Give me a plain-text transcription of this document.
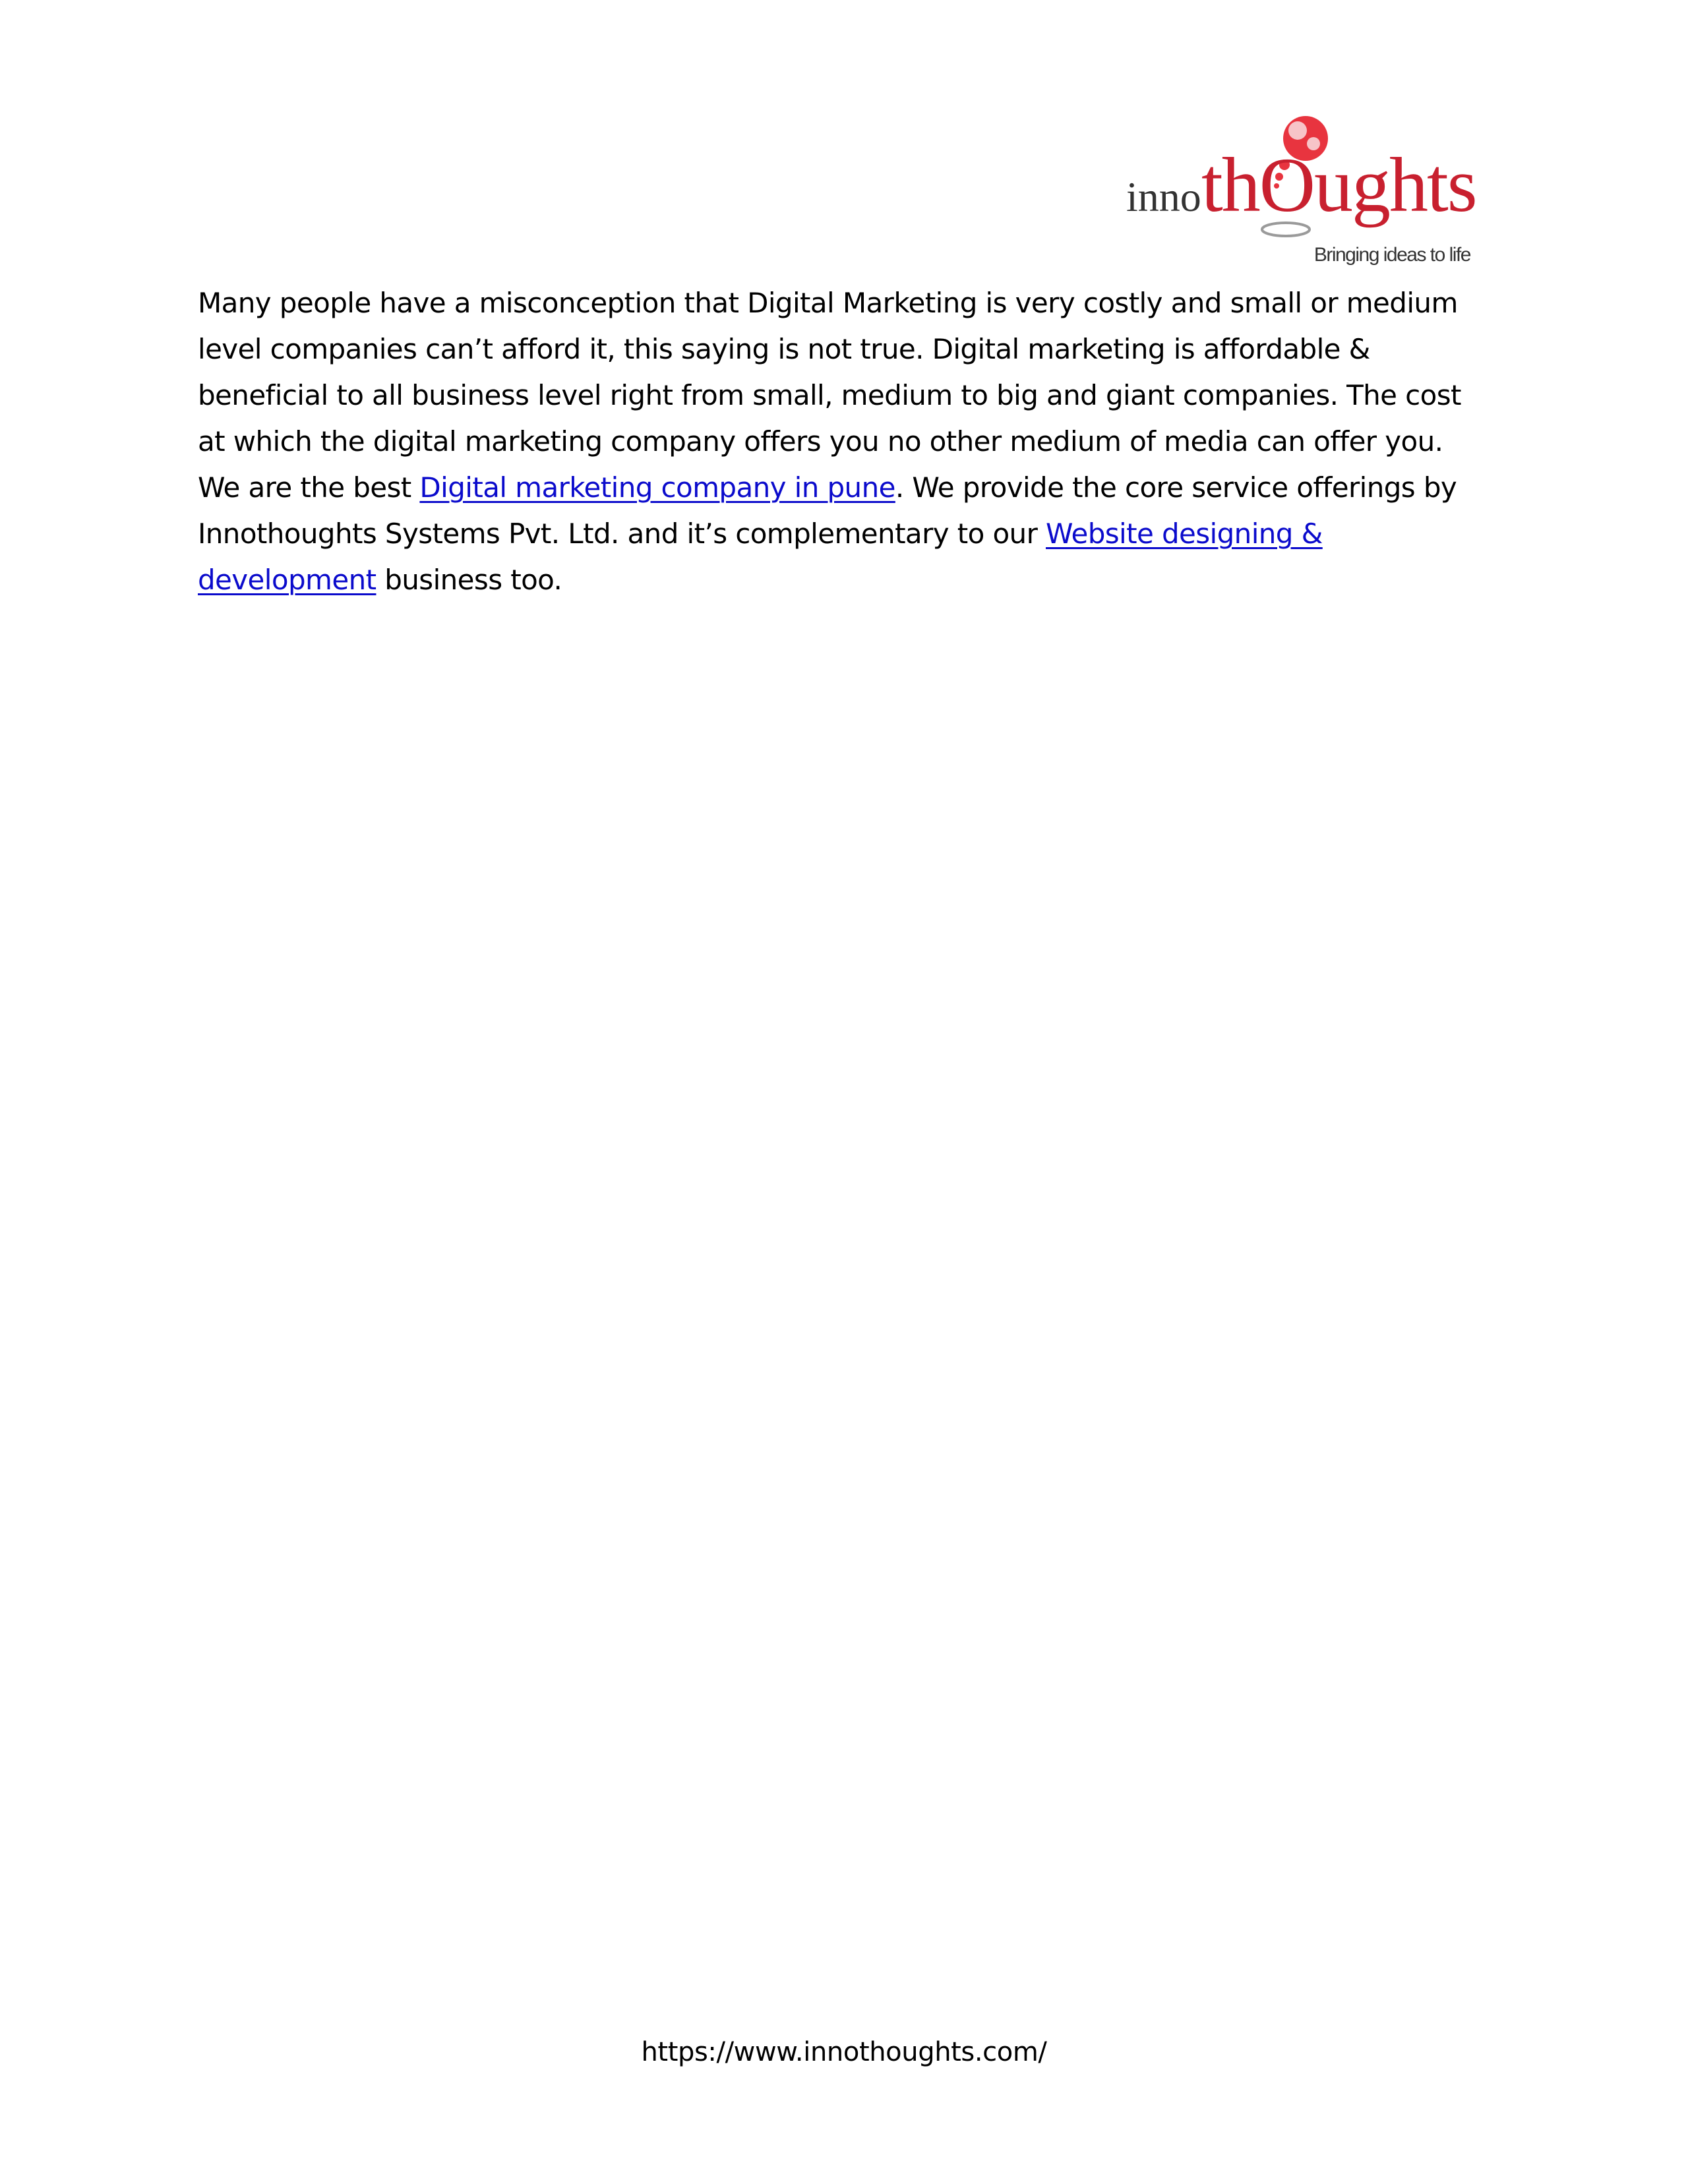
inno thOughts
Bringing ideas to life

Many people have a misconception that Digital Marketing is very costly and small or medium level companies can’t afford it, this saying is not true. Digital marketing is affordable & beneficial to all business level right from small, medium to big and giant companies. The cost at which the digital marketing company offers you no other medium of media can offer you. We are the best Digital marketing company in pune. We provide the core service offerings by Innothoughts Systems Pvt. Ltd. and it’s complementary to our Website designing & development business too.

https://www.innothoughts.com/
